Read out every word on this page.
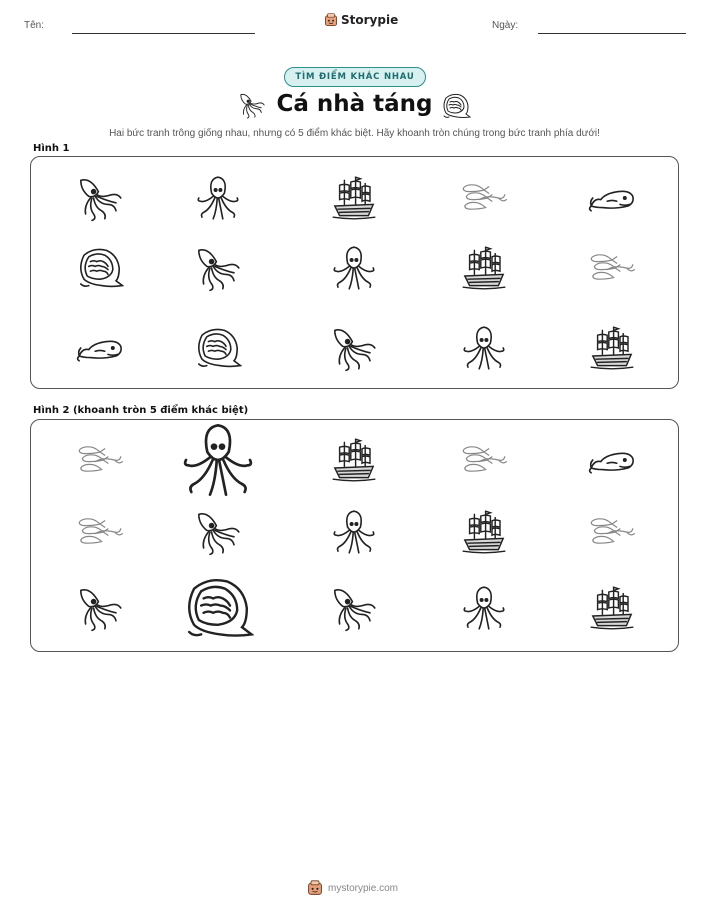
Tên:	Storypie	Ngày:
TÌM ĐIỂM KHÁC NHAU
Cá nhà táng
Hai bức tranh trông giống nhau, nhưng có 5 điểm khác biệt. Hãy khoanh tròn chúng trong bức tranh phía dưới!
Hình 1
Hình 2 (khoanh tròn 5 điểm khác biệt)
mystorypie.com
